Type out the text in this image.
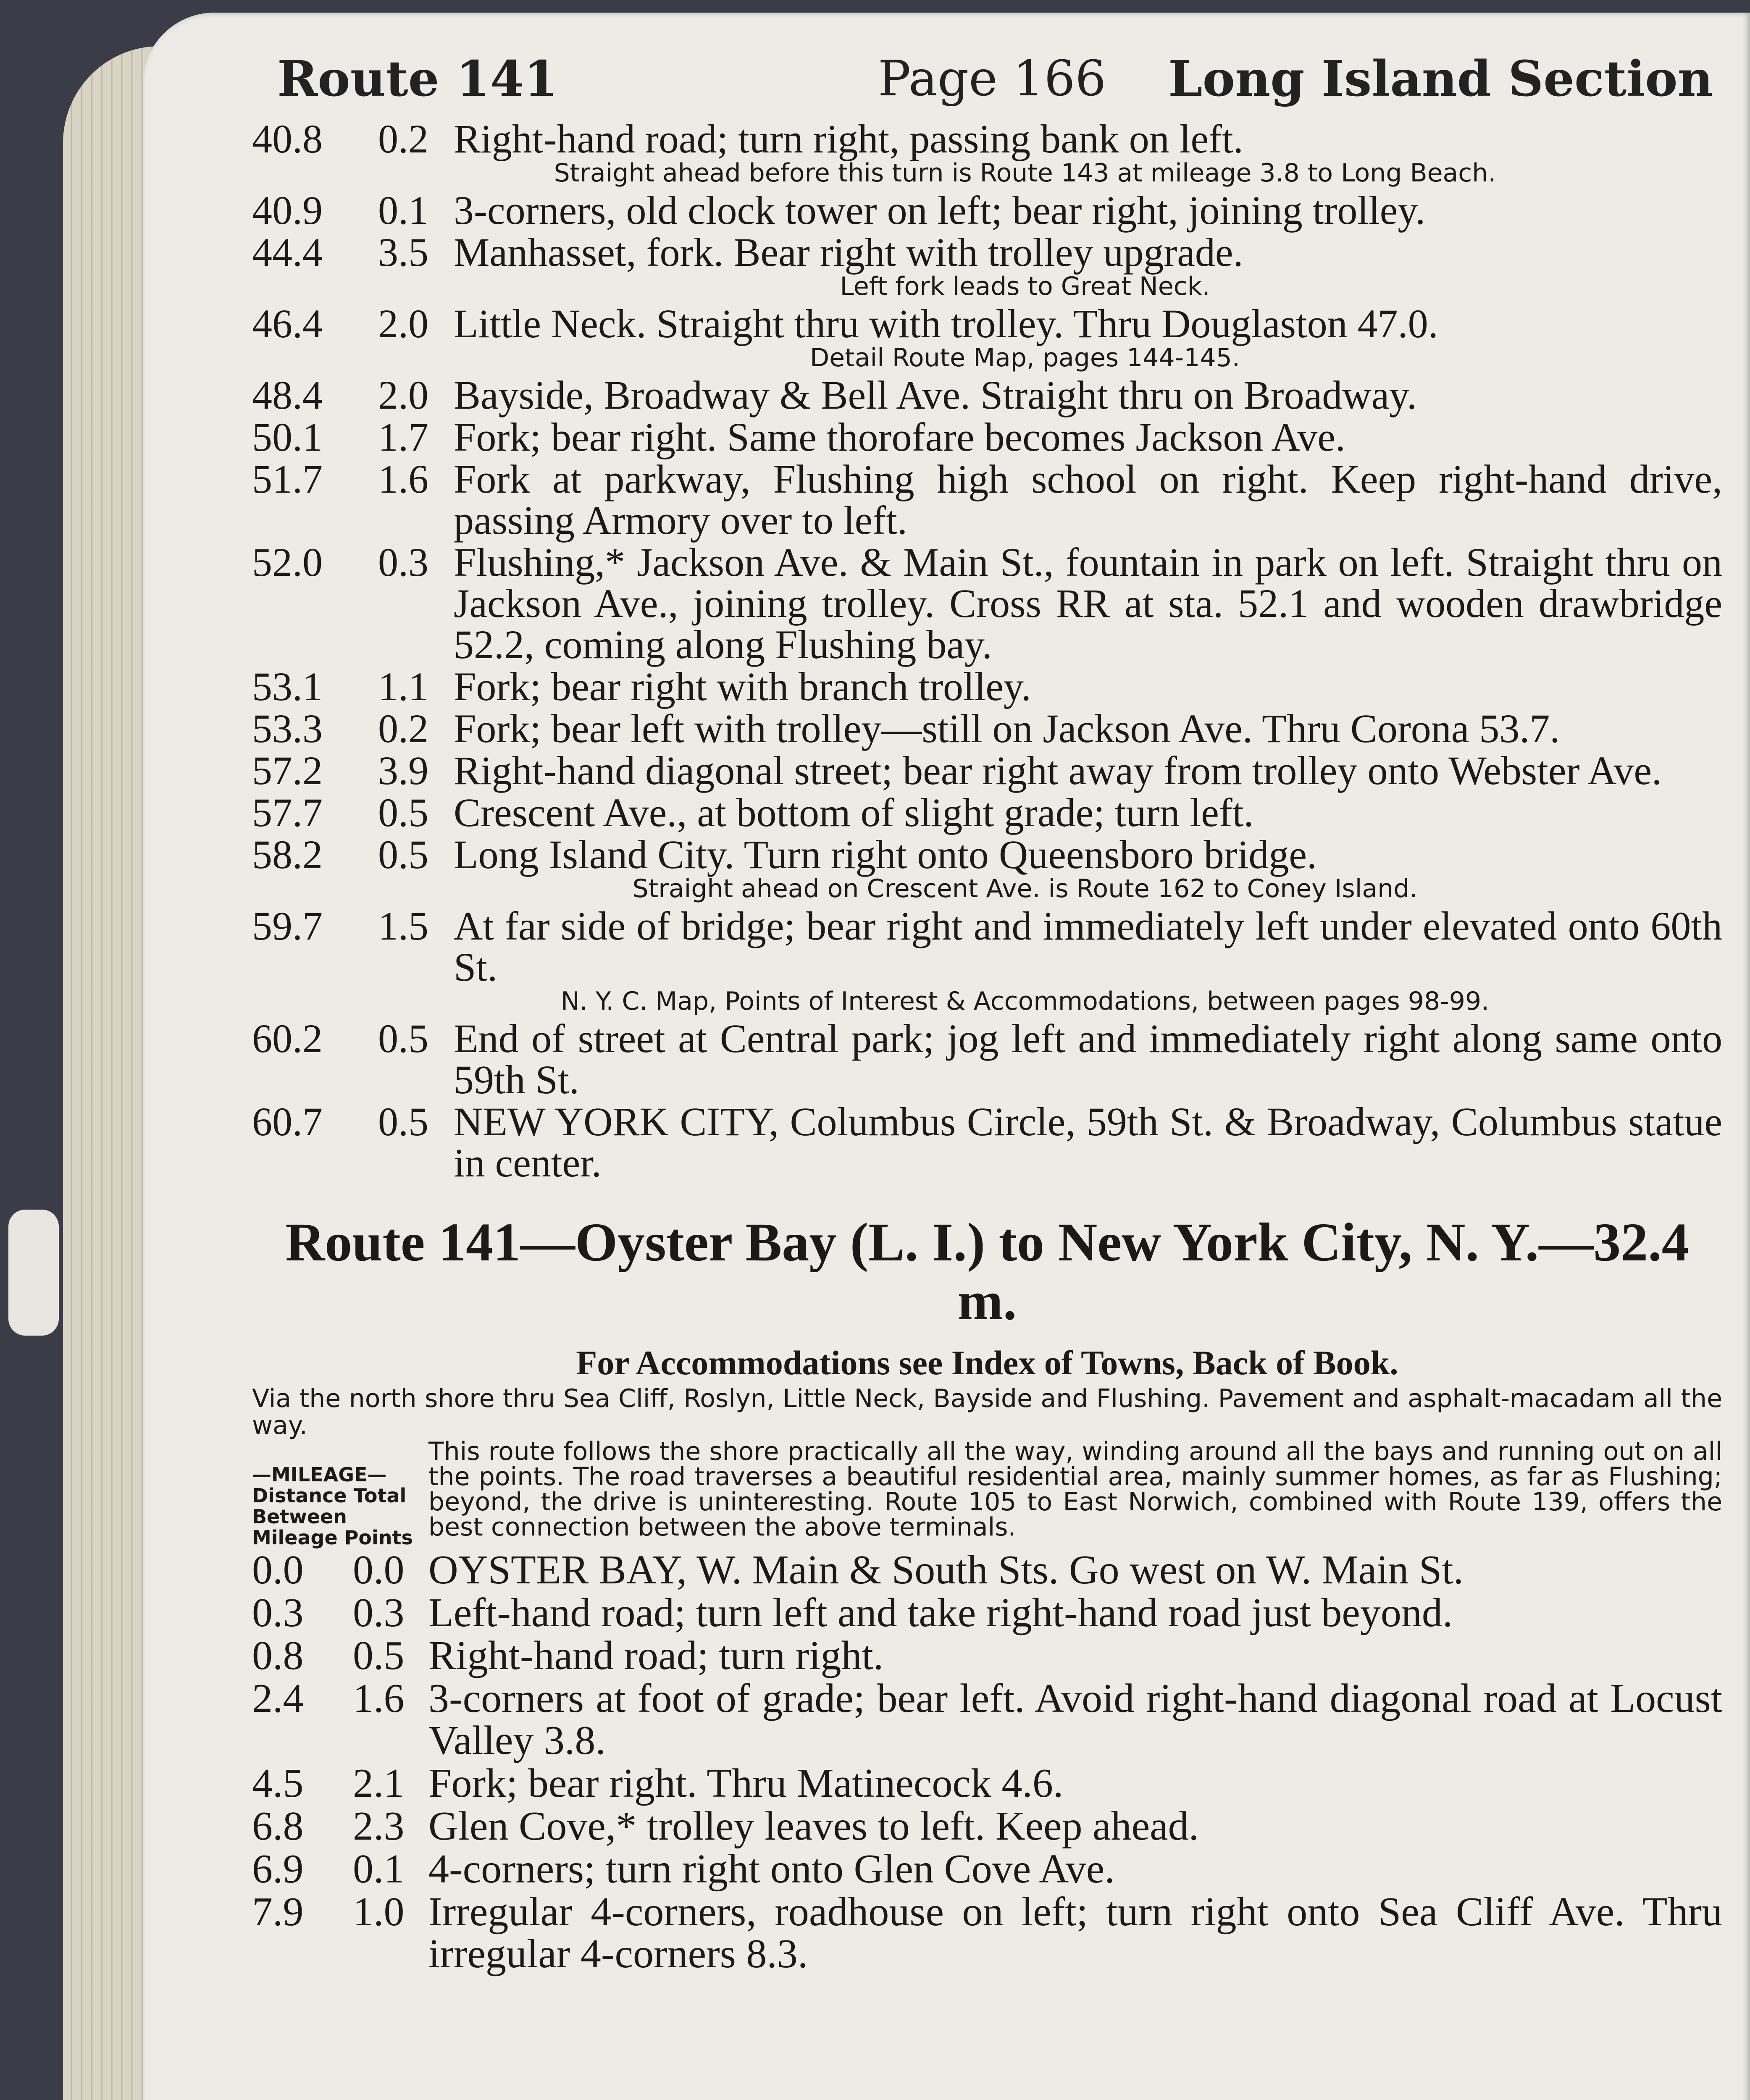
Route 141	Page 166 Long Island Section
40.8	0.2 Right-hand road; turn right, passing bank on left.
Straight ahead before this turn is Route 143 at mileage 3.8 to Long Beach.
40.9	0.1 3-corners, old clock tower on left; bear right, joining trolley.
44.4	3.5 Manhasset, fork. Bear right with trolley upgrade.
Left fork leads to Great Neck.
46.4	2.0 Little Neck. Straight thru with trolley. Thru Douglaston 47.0.
Detail Route Map, pages 144-145.
48.4	2.0 Bayside, Broadway & Bell Ave. Straight thru on Broadway.
50.1	1.7 Fork; bear right. Same thorofare becomes Jackson Ave.
51.7	1.6 Fork at parkway, Flushing high school on right. Keep right-hand drive, passing Armory over to left.
52.0	0.3 Flushing,* Jackson Ave. & Main St., fountain in park on left. Straight thru on Jackson Ave., joining trolley. Cross RR at sta. 52.1 and wooden drawbridge 52.2, coming along Flushing bay.
53.1	1.1 Fork; bear right with branch trolley.
53.3	0.2 Fork; bear left with trolley—still on Jackson Ave. Thru Corona 53.7.
57.2	3.9 Right-hand diagonal street; bear right away from trolley onto Webster Ave.
57.7	0.5 Crescent Ave., at bottom of slight grade; turn left.
58.2	0.5 Long Island City. Turn right onto Queensboro bridge.
Straight ahead on Crescent Ave. is Route 162 to Coney Island.
59.7	1.5 At far side of bridge; bear right and immediately left under elevated onto 60th St.
N. Y. C. Map, Points of Interest & Accommodations, between pages 98-99.
60.2	0.5 End of street at Central park; jog left and immediately right along same onto 59th St.
60.7	0.5 NEW YORK CITY, Columbus Circle, 59th St. & Broadway, Columbus statue in center.
Route 141—Oyster Bay (L. I.) to New York City, N. Y.—32.4 m.
For Accommodations see Index of Towns, Back of Book.
Via the north shore thru Sea Cliff, Roslyn, Little Neck, Bayside and Flushing. Pavement and asphalt-macadam all the way.
—MILEAGE— Distance Total Between Mileage Points
This route follows the shore practically all the way, winding around all the bays and running out on all the points. The road traverses a beautiful residential area, mainly summer homes, as far as Flushing; beyond, the drive is uninteresting. Route 105 to East Norwich, combined with Route 139, offers the best connection between the above terminals.
0.0	0.0 OYSTER BAY, W. Main & South Sts. Go west on W. Main St.
0.3	0.3 Left-hand road; turn left and take right-hand road just beyond.
0.8	0.5 Right-hand road; turn right.
2.4	1.6 3-corners at foot of grade; bear left. Avoid right-hand diagonal road at Locust Valley 3.8.
4.5	2.1 Fork; bear right. Thru Matinecock 4.6.
6.8	2.3 Glen Cove,* trolley leaves to left. Keep ahead.
6.9	0.1 4-corners; turn right onto Glen Cove Ave.
7.9	1.0 Irregular 4-corners, roadhouse on left; turn right onto Sea Cliff Ave. Thru irregular 4-corners 8.3.
